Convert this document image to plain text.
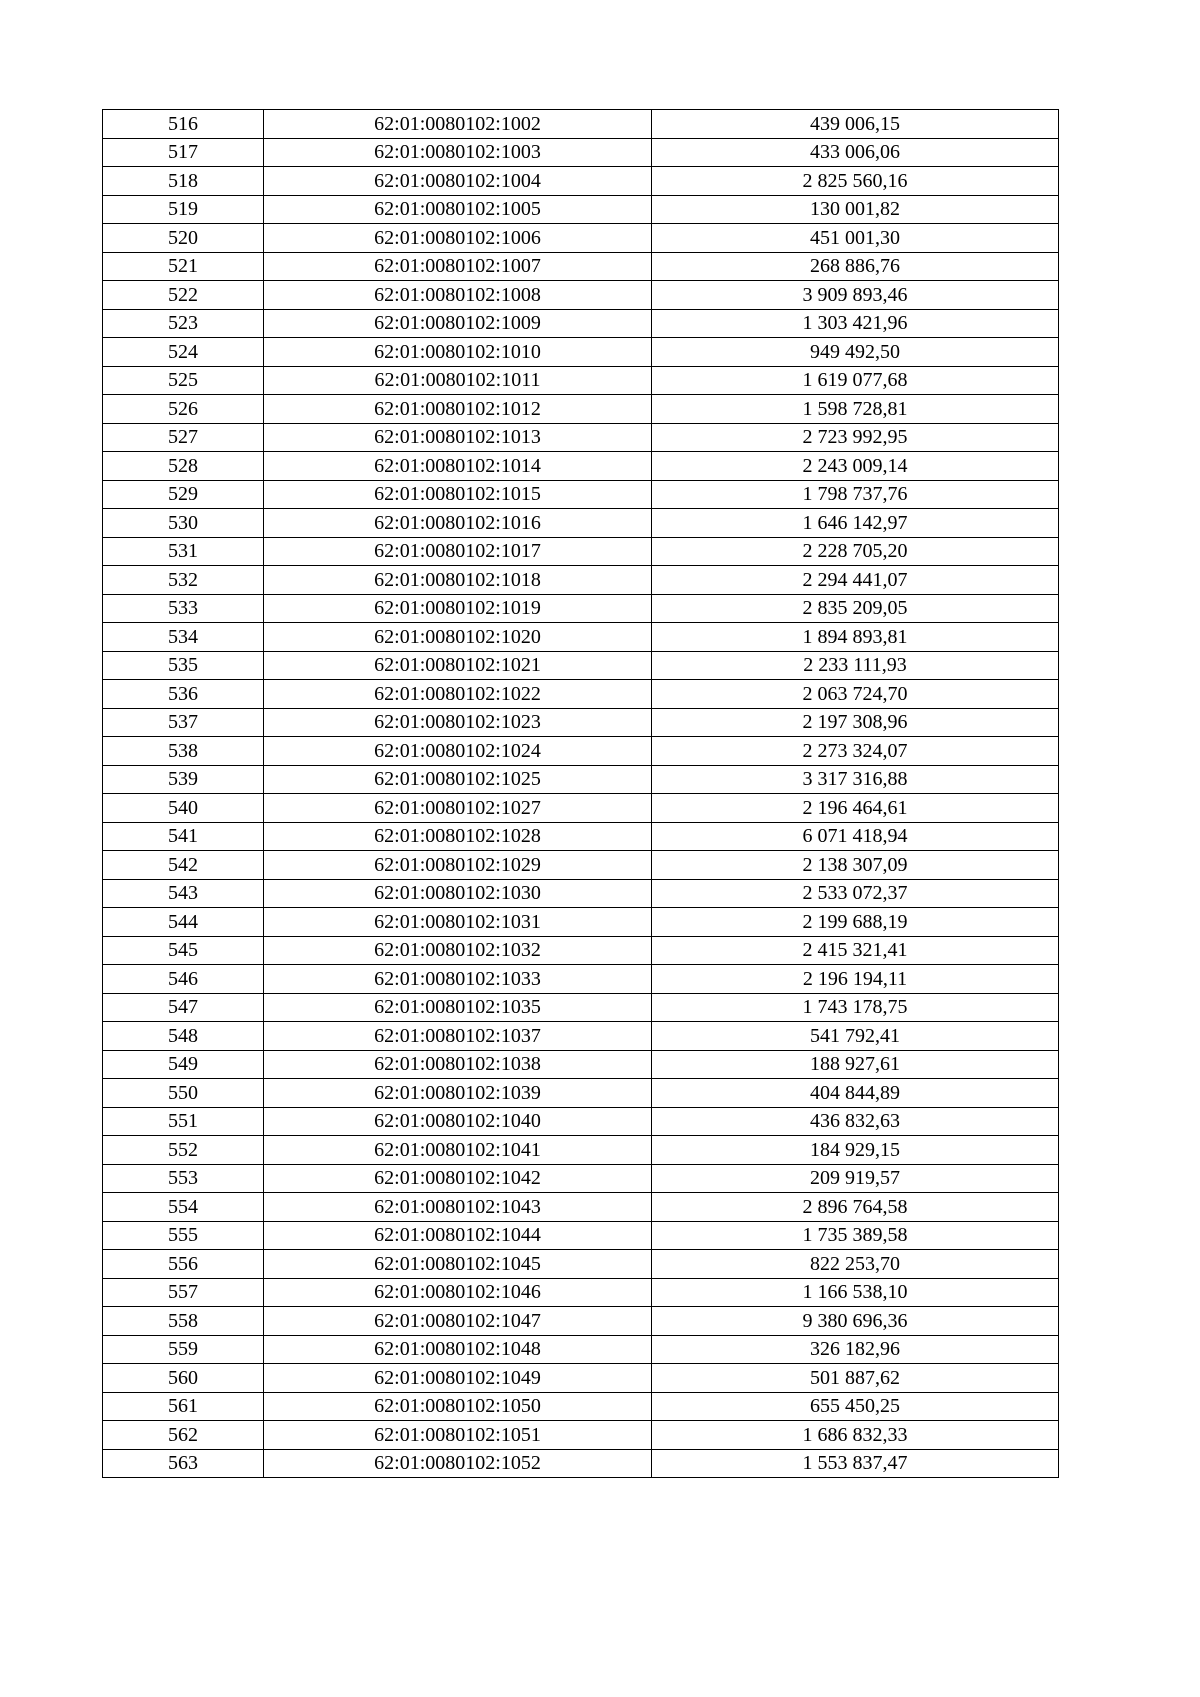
516	62:01:0080102:1002	439 006,15
517	62:01:0080102:1003	433 006,06
518	62:01:0080102:1004	2 825 560,16
519	62:01:0080102:1005	130 001,82
520	62:01:0080102:1006	451 001,30
521	62:01:0080102:1007	268 886,76
522	62:01:0080102:1008	3 909 893,46
523	62:01:0080102:1009	1 303 421,96
524	62:01:0080102:1010	949 492,50
525	62:01:0080102:1011	1 619 077,68
526	62:01:0080102:1012	1 598 728,81
527	62:01:0080102:1013	2 723 992,95
528	62:01:0080102:1014	2 243 009,14
529	62:01:0080102:1015	1 798 737,76
530	62:01:0080102:1016	1 646 142,97
531	62:01:0080102:1017	2 228 705,20
532	62:01:0080102:1018	2 294 441,07
533	62:01:0080102:1019	2 835 209,05
534	62:01:0080102:1020	1 894 893,81
535	62:01:0080102:1021	2 233 111,93
536	62:01:0080102:1022	2 063 724,70
537	62:01:0080102:1023	2 197 308,96
538	62:01:0080102:1024	2 273 324,07
539	62:01:0080102:1025	3 317 316,88
540	62:01:0080102:1027	2 196 464,61
541	62:01:0080102:1028	6 071 418,94
542	62:01:0080102:1029	2 138 307,09
543	62:01:0080102:1030	2 533 072,37
544	62:01:0080102:1031	2 199 688,19
545	62:01:0080102:1032	2 415 321,41
546	62:01:0080102:1033	2 196 194,11
547	62:01:0080102:1035	1 743 178,75
548	62:01:0080102:1037	541 792,41
549	62:01:0080102:1038	188 927,61
550	62:01:0080102:1039	404 844,89
551	62:01:0080102:1040	436 832,63
552	62:01:0080102:1041	184 929,15
553	62:01:0080102:1042	209 919,57
554	62:01:0080102:1043	2 896 764,58
555	62:01:0080102:1044	1 735 389,58
556	62:01:0080102:1045	822 253,70
557	62:01:0080102:1046	1 166 538,10
558	62:01:0080102:1047	9 380 696,36
559	62:01:0080102:1048	326 182,96
560	62:01:0080102:1049	501 887,62
561	62:01:0080102:1050	655 450,25
562	62:01:0080102:1051	1 686 832,33
563	62:01:0080102:1052	1 553 837,47
